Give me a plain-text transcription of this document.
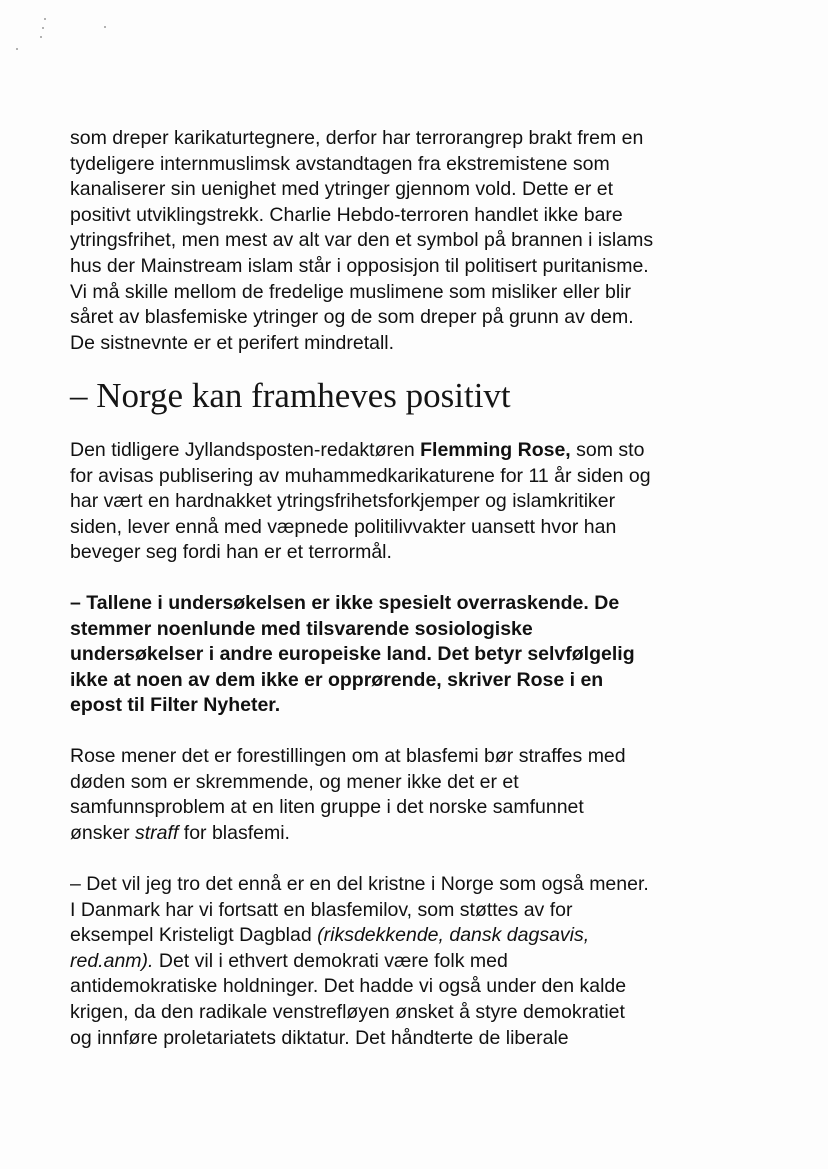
som dreper karikaturtegnere, derfor har terrorangrep brakt frem en
tydeligere internmuslimsk avstandtagen fra ekstremistene som
kanaliserer sin uenighet med ytringer gjennom vold. Dette er et
positivt utviklingstrekk. Charlie Hebdo-terroren handlet ikke bare
ytringsfrihet, men mest av alt var den et symbol på brannen i islams
hus der Mainstream islam står i opposisjon til politisert puritanisme.
Vi må skille mellom de fredelige muslimene som misliker eller blir
såret av blasfemiske ytringer og de som dreper på grunn av dem.
De sistnevnte er et perifert mindretall.

– Norge kan framheves positivt

Den tidligere Jyllandsposten-redaktøren Flemming Rose, som sto
for avisas publisering av muhammedkarikaturene for 11 år siden og
har vært en hardnakket ytringsfrihetsforkjemper og islamkritiker
siden, lever ennå med væpnede politilivvakter uansett hvor han
beveger seg fordi han er et terrormål.

– Tallene i undersøkelsen er ikke spesielt overraskende. De
stemmer noenlunde med tilsvarende sosiologiske
undersøkelser i andre europeiske land. Det betyr selvfølgelig
ikke at noen av dem ikke er opprørende, skriver Rose i en
epost til Filter Nyheter.

Rose mener det er forestillingen om at blasfemi bør straffes med
døden som er skremmende, og mener ikke det er et
samfunnsproblem at en liten gruppe i det norske samfunnet
ønsker straff for blasfemi.

– Det vil jeg tro det ennå er en del kristne i Norge som også mener.
I Danmark har vi fortsatt en blasfemilov, som støttes av for
eksempel Kristeligt Dagblad (riksdekkende, dansk dagsavis,
red.anm). Det vil i ethvert demokrati være folk med
antidemokratiske holdninger. Det hadde vi også under den kalde
krigen, da den radikale venstrefløyen ønsket å styre demokratiet
og innføre proletariatets diktatur. Det håndterte de liberale
